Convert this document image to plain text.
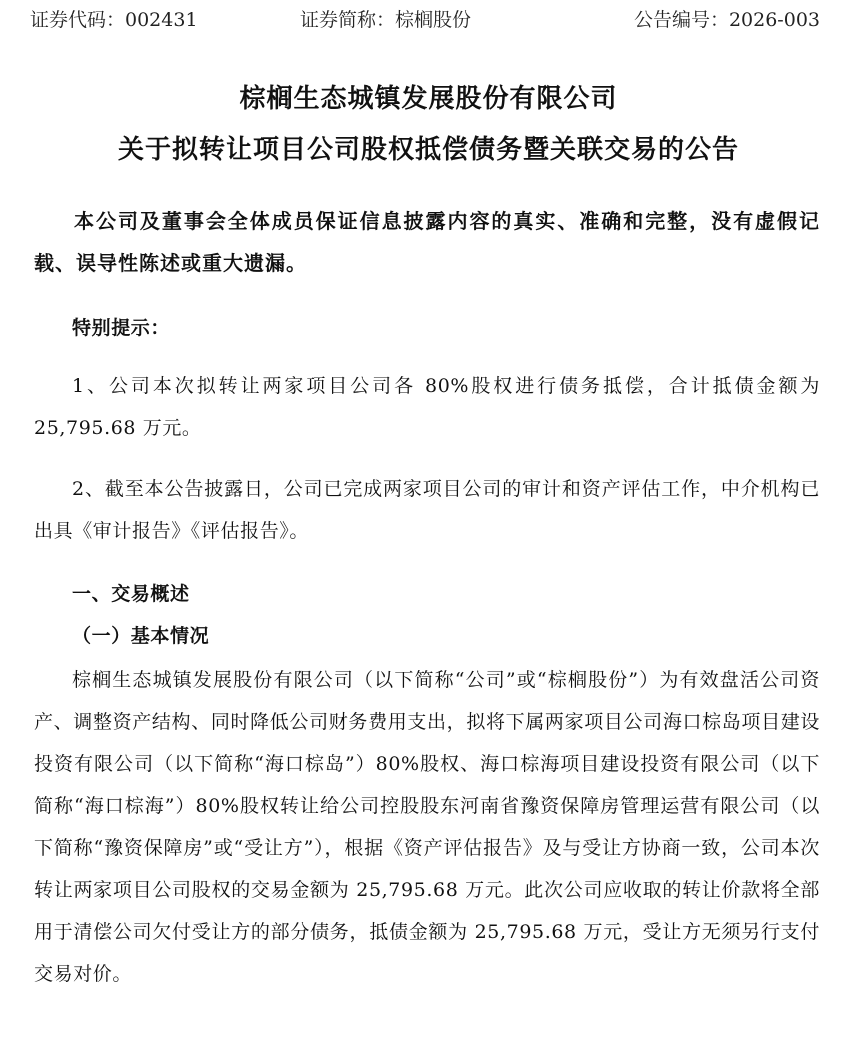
证券代码：002431	证券简称：棕榈股份	公告编号：2026-003
棕榈生态城镇发展股份有限公司
关于拟转让项目公司股权抵偿债务暨关联交易的公告

本公司及董事会全体成员保证信息披露内容的真实、准确和完整，没有虚假记载、误导性陈述或重大遗漏。

特别提示：

1、公司本次拟转让两家项目公司各 80%股权进行债务抵偿，合计抵债金额为 25,795.68 万元。

2、截至本公告披露日，公司已完成两家项目公司的审计和资产评估工作，中介机构已出具《审计报告》《评估报告》。

一、交易概述

（一）基本情况

棕榈生态城镇发展股份有限公司（以下简称“公司”或“棕榈股份”）为有效盘活公司资产、调整资产结构、同时降低公司财务费用支出，拟将下属两家项目公司海口棕岛项目建设投资有限公司（以下简称“海口棕岛”）80%股权、海口棕海项目建设投资有限公司（以下简称“海口棕海”）80%股权转让给公司控股股东河南省豫资保障房管理运营有限公司（以下简称“豫资保障房”或“受让方”），根据《资产评估报告》及与受让方协商一致，公司本次转让两家项目公司股权的交易金额为 25,795.68 万元。此次公司应收取的转让价款将全部用于清偿公司欠付受让方的部分债务，抵债金额为 25,795.68 万元，受让方无须另行支付交易对价。
